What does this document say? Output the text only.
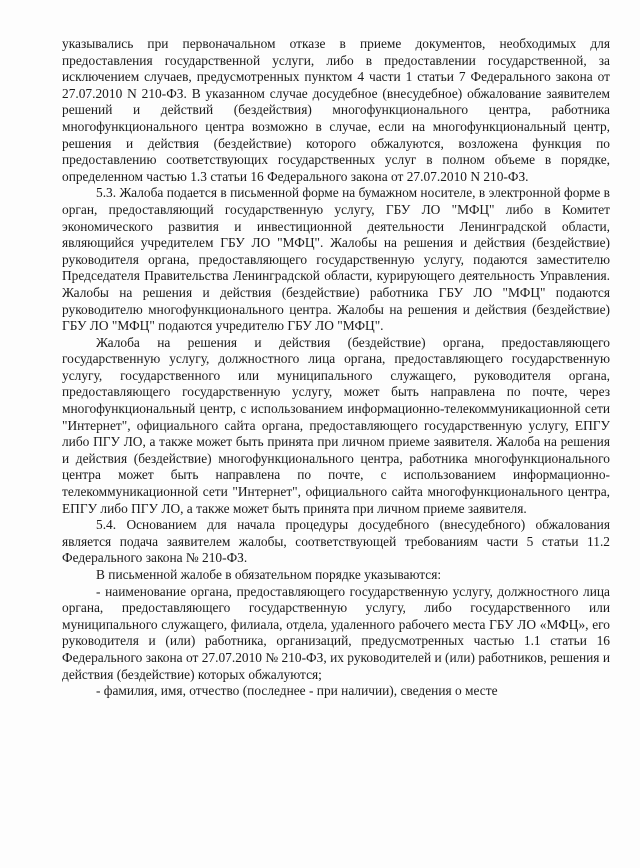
указывались при первоначальном отказе в приеме документов, необходимых для предоставления государственной услуги, либо в предоставлении государственной, за исключением случаев, предусмотренных пунктом 4 части 1 статьи 7 Федерального закона от 27.07.2010 N 210-ФЗ. В указанном случае досудебное (внесудебное) обжалование заявителем решений и действий (бездействия) многофункционального центра, работника многофункционального центра возможно в случае, если на многофункциональный центр, решения и действия (бездействие) которого обжалуются, возложена функция по предоставлению соответствующих государственных услуг в полном объеме в порядке, определенном частью 1.3 статьи 16 Федерального закона от 27.07.2010 N 210-ФЗ.

5.3. Жалоба подается в письменной форме на бумажном носителе, в электронной форме в орган, предоставляющий государственную услугу, ГБУ ЛО "МФЦ" либо в Комитет экономического развития и инвестиционной деятельности Ленинградской области, являющийся учредителем ГБУ ЛО "МФЦ". Жалобы на решения и действия (бездействие) руководителя органа, предоставляющего государственную услугу, подаются заместителю Председателя Правительства Ленинградской области, курирующего деятельность Управления. Жалобы на решения и действия (бездействие) работника ГБУ ЛО "МФЦ" подаются руководителю многофункционального центра. Жалобы на решения и действия (бездействие) ГБУ ЛО "МФЦ" подаются учредителю ГБУ ЛО "МФЦ".

Жалоба на решения и действия (бездействие) органа, предоставляющего государственную услугу, должностного лица органа, предоставляющего государственную услугу, государственного или муниципального служащего, руководителя органа, предоставляющего государственную услугу, может быть направлена по почте, через многофункциональный центр, с использованием информационно-телекоммуникационной сети "Интернет", официального сайта органа, предоставляющего государственную услугу, ЕПГУ либо ПГУ ЛО, а также может быть принята при личном приеме заявителя. Жалоба на решения и действия (бездействие) многофункционального центра, работника многофункционального центра может быть направлена по почте, с использованием информационно-телекоммуникационной сети "Интернет", официального сайта многофункционального центра, ЕПГУ либо ПГУ ЛО, а также может быть принята при личном приеме заявителя.

5.4. Основанием для начала процедуры досудебного (внесудебного) обжалования является подача заявителем жалобы, соответствующей требованиям части 5 статьи 11.2 Федерального закона № 210-ФЗ.

В письменной жалобе в обязательном порядке указываются:

- наименование органа, предоставляющего государственную услугу, должностного лица органа, предоставляющего государственную услугу, либо государственного или муниципального служащего, филиала, отдела, удаленного рабочего места ГБУ ЛО «МФЦ», его руководителя и (или) работника, организаций, предусмотренных частью 1.1 статьи 16 Федерального закона от 27.07.2010 № 210-ФЗ, их руководителей и (или) работников, решения и действия (бездействие) которых обжалуются;

- фамилия, имя, отчество (последнее - при наличии), сведения о месте
